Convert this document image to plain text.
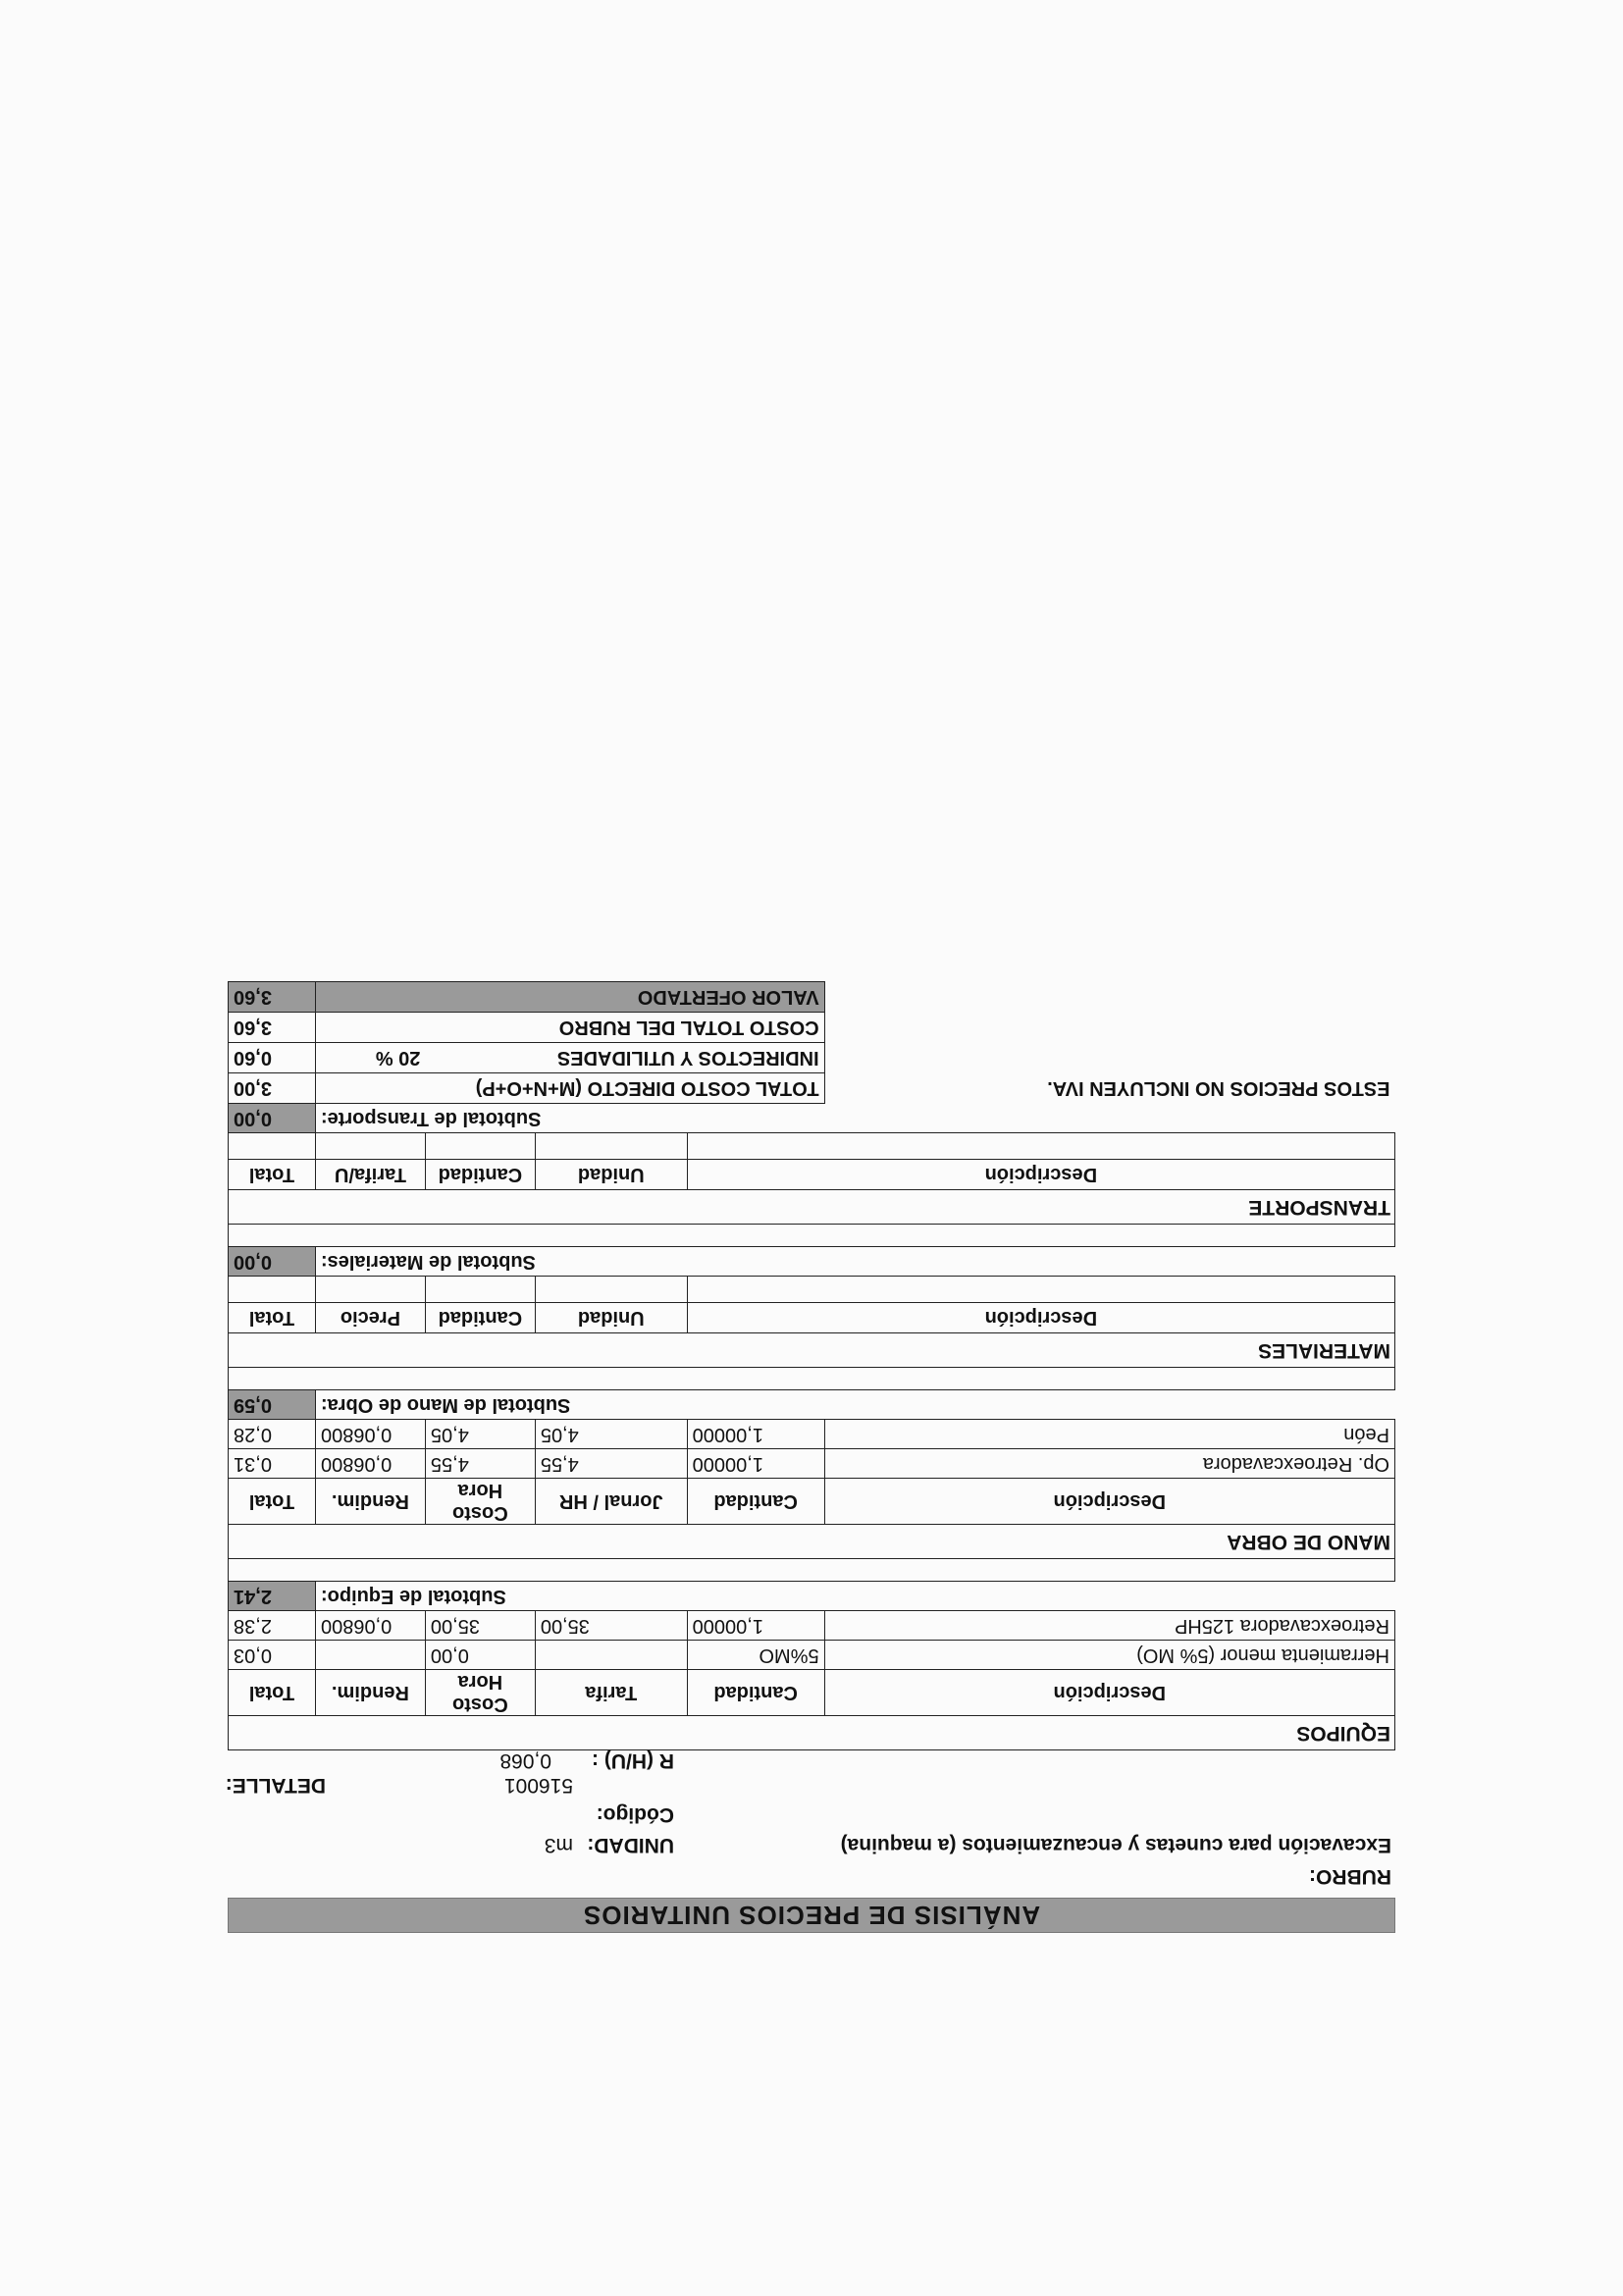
ANÁLISIS DE PRECIOS UNITARIOS
RUBRO:
Excavación para cunetas y encauzamientos (a maquina)
UNIDAD:
m3
Código:
516001
DETALLE:
R (H/U) :
0,068
EQUIPOS					
Descripción	Cantidad	Tarifa	Costo Hora	Rendim.	Total
Herramienta menor (5% MO)	5%MO		0,00		0,03
Retroexcavadora 125HP	1,00000	35,00	35,00	0,06800	2,38
Subtotal de Equipo:					2,41

MANO DE OBRA					
Descripción	Cantidad	Jornal / HR	Costo Hora	Rendim.	Total
Op. Retroexcavadora	1,00000	4,55	4,55	0,06800	0,31
Peón	1,00000	4,05	4,05	0,06800	0,28
Subtotal de Mano de Obra:					0,59

MATERIALES					
Descripción		Unidad	Cantidad	Precio	Total

Subtotal de Materiales:					0,00

TRANSPORTE					
Descripción		Unidad	Cantidad	Tarifa/U	Total

Subtotal de Transporte:					0,00
ESTOS PRECIOS NO INCLUYEN IVA.	TOTAL COSTO DIRECTO (M+N+O+P)				3,00
	INDIRECTOS Y UTILIDADES			20 %	0,60
	COSTO TOTAL DEL RUBRO				3,60
	VALOR OFERTADO				3,60
